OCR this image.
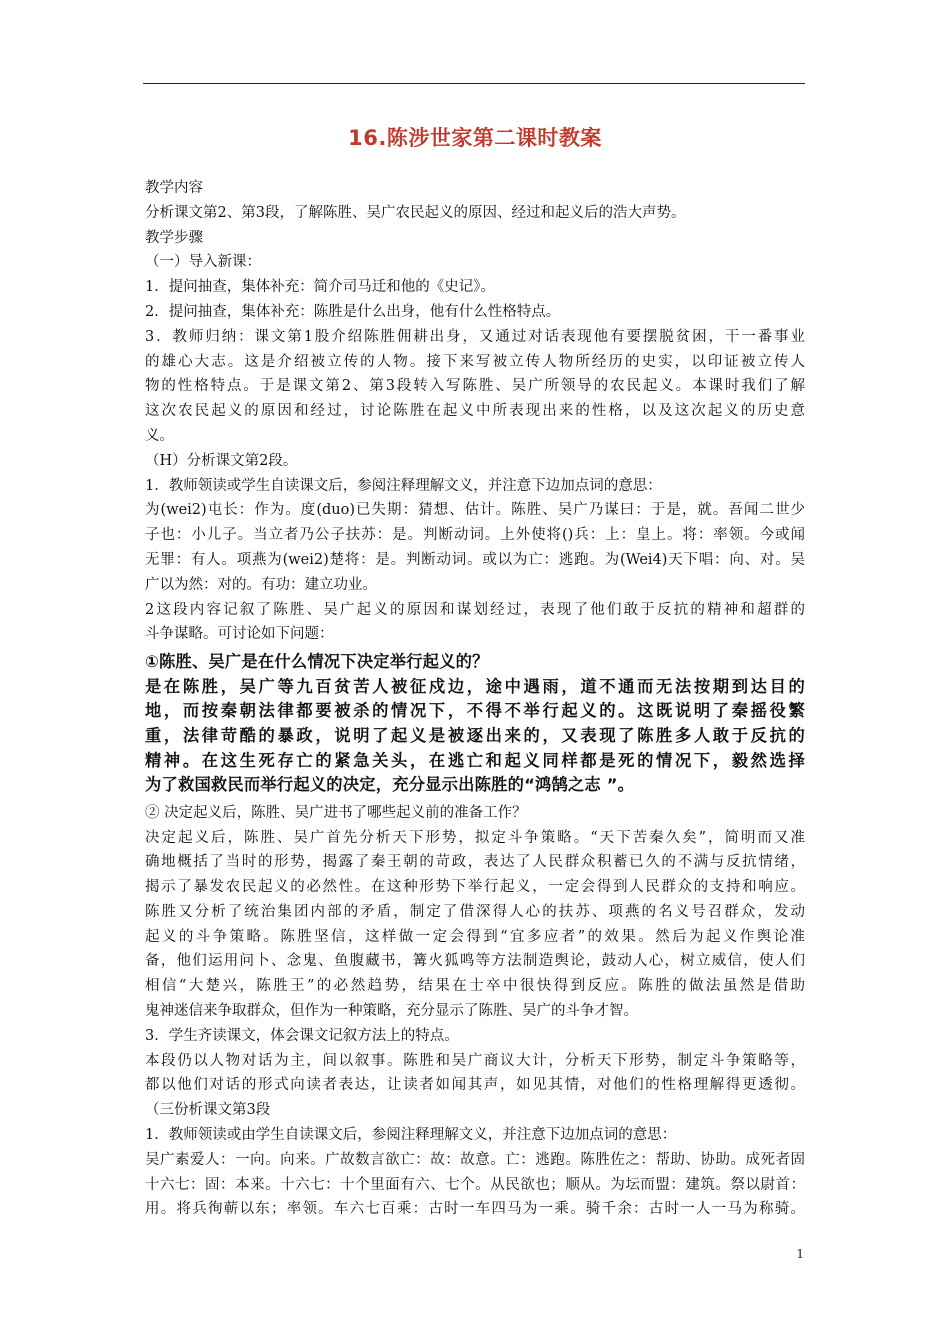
16.陈涉世家第二课时教案
教学内容
分析课文第2、第3段，了解陈胜、吴广农民起义的原因、经过和起义后的浩大声势。
教学步骤
（一）导入新课：
1．提问抽查，集体补充：简介司马迁和他的《史记》。
2．提问抽查，集体补充：陈胜是什么出身，他有什么性格特点。
3．教师归纳：课文第1股介绍陈胜佣耕出身，又通过对话表现他有要摆脱贫困，干一番事业
的雄心大志。这是介绍被立传的人物。接下来写被立传人物所经历的史实，以印证被立传人
物的性格特点。于是课文第2、第3段转入写陈胜、吴广所领导的农民起义。本课时我们了解
这次农民起义的原因和经过，讨论陈胜在起义中所表现出来的性格，以及这次起义的历史意
义。
（H）分析课文第2段。
1．教师领读或学生自读课文后，参阅注释理解文义，并注意下边加点词的意思：
为(wei2)屯长：作为。度(duo)已失期：猜想、估计。陈胜、吴广乃谋曰：于是，就。吾闻二世少
子也：小儿子。当立者乃公子扶苏：是。判断动词。上外使将()兵：上：皇上。将：率领。今或闻
无罪：有人。项燕为(wei2)楚将：是。判断动词。或以为亡：逃跑。为(Wei4)天下唱：向、对。吴
广以为然：对的。有功：建立功业。
2这段内容记叙了陈胜、吴广起义的原因和谋划经过，表现了他们敢于反抗的精神和超群的
斗争谋略。可讨论如下问题：
①陈胜、吴广是在什么情况下决定举行起义的？
是在陈胜，吴广等九百贫苦人被征戍边，途中遇雨，道不通而无法按期到达目的
地，而按秦朝法律都要被杀的情况下，不得不举行起义的。这既说明了秦摇役繁
重，法律苛酷的暴政，说明了起义是被逐出来的，又表现了陈胜多人敢于反抗的
精神。在这生死存亡的紧急关头，在逃亡和起义同样都是死的情况下，毅然选择
为了救国救民而举行起义的决定，充分显示出陈胜的“鸿鹄之志 ”。
② 决定起义后，陈胜、吴广进书了哪些起义前的准备工作？
决定起义后，陈胜、吴广首先分析天下形势，拟定斗争策略。“天下苦秦久矣”，简明而又准
确地概括了当时的形势，揭露了秦王朝的苛政，表达了人民群众积蓄已久的不满与反抗情绪，
揭示了暴发农民起义的必然性。在这种形势下举行起义，一定会得到人民群众的支持和响应。
陈胜又分析了统治集团内部的矛盾，制定了借深得人心的扶苏、项燕的名义号召群众，发动
起义的斗争策略。陈胜坚信，这样做一定会得到“宜多应者”的效果。然后为起义作舆论准
备，他们运用问卜、念鬼、鱼腹藏书，篝火狐鸣等方法制造舆论，鼓动人心，树立威信，使人们
相信“大楚兴，陈胜王”的必然趋势，结果在士卒中很快得到反应。陈胜的做法虽然是借助
鬼神迷信来争取群众，但作为一种策略，充分显示了陈胜、吴广的斗争才智。
3．学生齐读课文，体会课文记叙方法上的特点。
本段仍以人物对话为主，间以叙事。陈胜和吴广商议大计，分析天下形势，制定斗争策略等，
都以他们对话的形式向读者表达，让读者如闻其声，如见其情，对他们的性格理解得更透彻。
（三份析课文第3段
1．教师领读或由学生自读课文后，参阅注释理解文义，并注意下边加点词的意思：
吴广素爱人：一向。向来。广故数言欲亡：故：故意。亡：逃跑。陈胜佐之：帮助、协助。成死者固
十六七：固：本来。十六七：十个里面有六、七个。从民欲也；顺从。为坛而盟：建筑。祭以尉首：
用。将兵徇蕲以东；率领。车六七百乘：古时一车四马为一乘。骑千余：古时一人一马为称骑。
1
